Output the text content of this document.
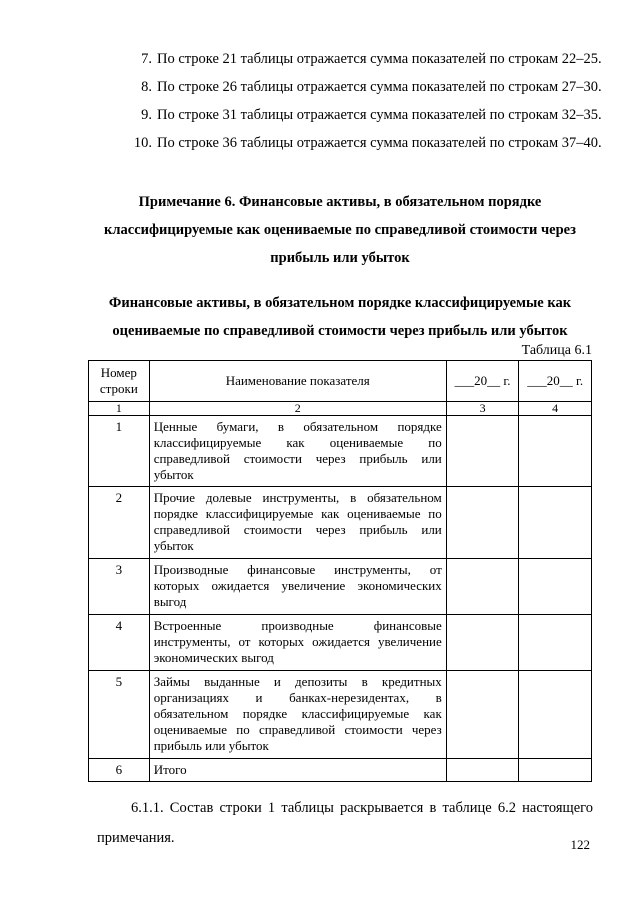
7. По строке 21 таблицы отражается сумма показателей по строкам 22–25.
8. По строке 26 таблицы отражается сумма показателей по строкам 27–30.
9. По строке 31 таблицы отражается сумма показателей по строкам 32–35.
10. По строке 36 таблицы отражается сумма показателей по строкам 37–40.
Примечание 6. Финансовые активы, в обязательном порядке
классифицируемые как оцениваемые по справедливой стоимости через
прибыль или убыток
Финансовые активы, в обязательном порядке классифицируемые как
оцениваемые по справедливой стоимости через прибыль или убыток
Таблица 6.1
Номер строки	Наименование показателя	___20__ г.	___20__ г.
1	2	3	4
1	Ценные бумаги, в обязательном порядке классифицируемые как оцениваемые по справедливой стоимости через прибыль или убыток		
2	Прочие долевые инструменты, в обязательном порядке классифицируемые как оцениваемые по справедливой стоимости через прибыль или убыток		
3	Производные финансовые инструменты, от которых ожидается увеличение экономических выгод		
4	Встроенные производные финансовые инструменты, от которых ожидается увеличение экономических выгод		
5	Займы выданные и депозиты в кредитных организациях и банках-нерезидентах, в обязательном порядке классифицируемые как оцениваемые по справедливой стоимости через прибыль или убыток		
6	Итого		
6.1.1. Состав строки 1 таблицы раскрывается в таблице 6.2 настоящего примечания.	122
